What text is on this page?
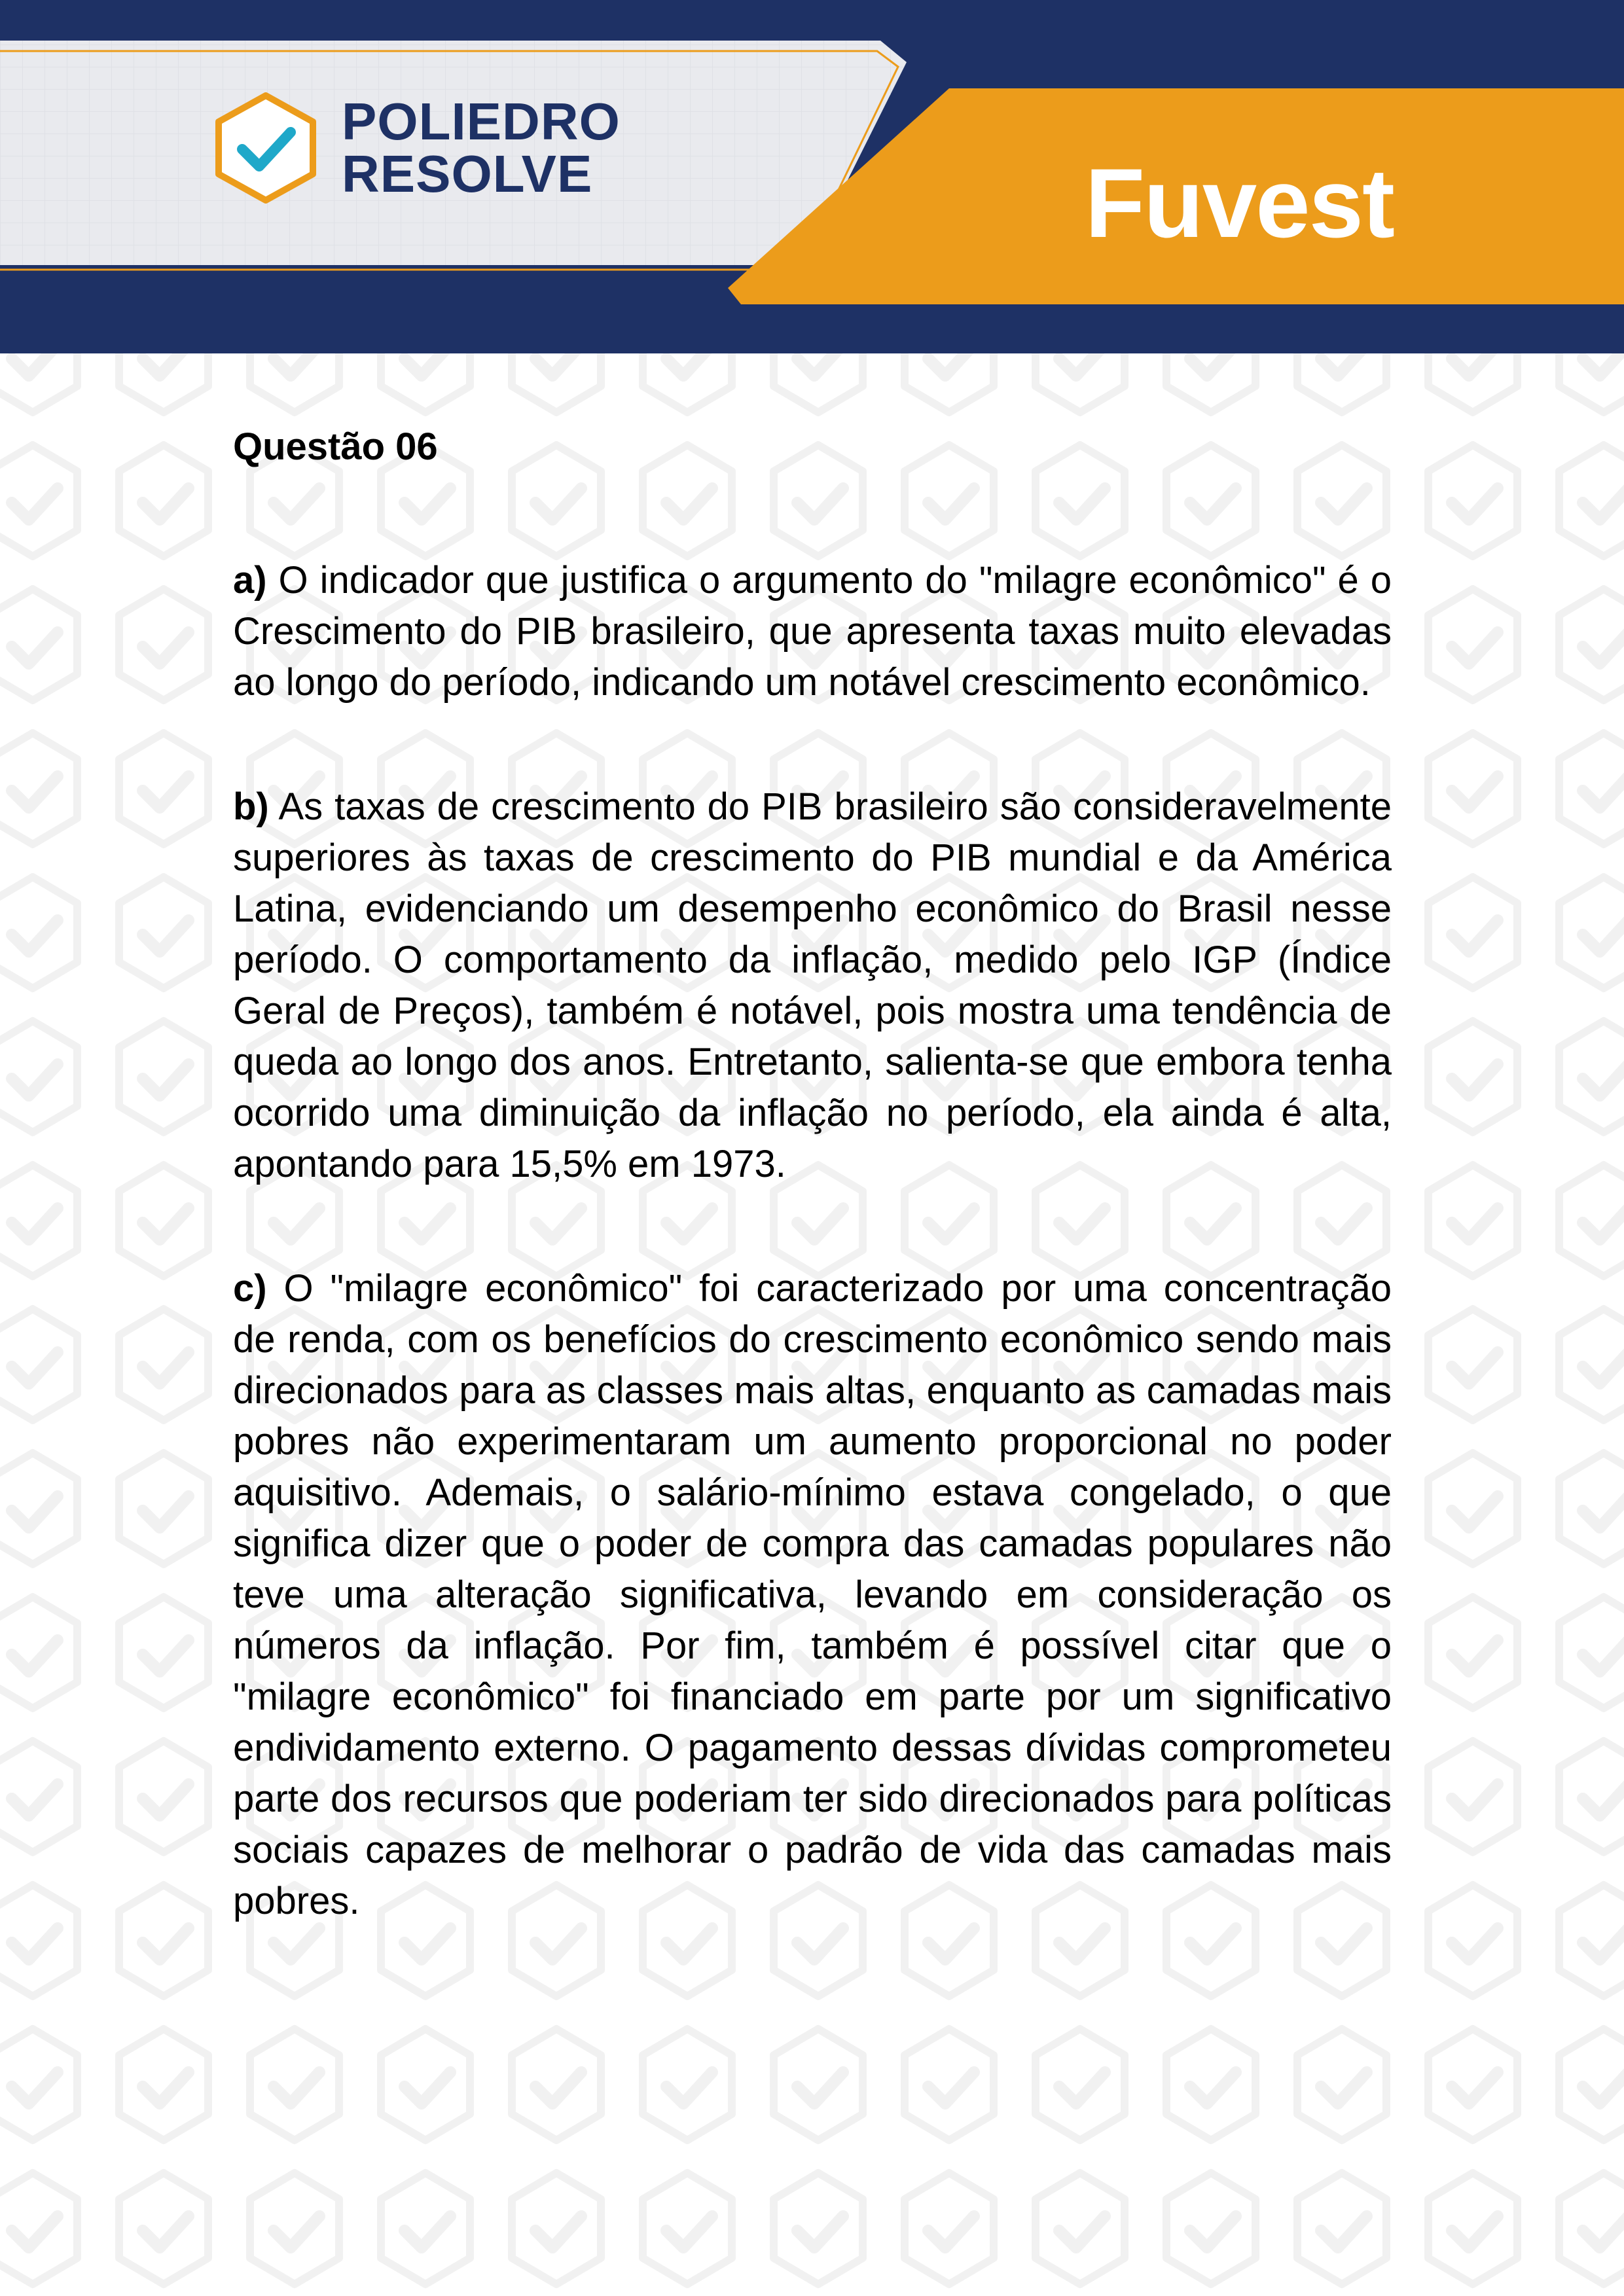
POLIEDRO
RESOLVE	Fuvest
Questão 06

a) O indicador que justifica o argumento do "milagre econômico" é o Crescimento do PIB brasileiro, que apresenta taxas muito elevadas ao longo do período, indicando um notável crescimento econômico.

b) As taxas de crescimento do PIB brasileiro são consideravelmente superiores às taxas de crescimento do PIB mundial e da América Latina, evidenciando um desempenho econômico do Brasil nesse período. O comportamento da inflação, medido pelo IGP (Índice Geral de Preços), também é notável, pois mostra uma tendência de queda ao longo dos anos. Entretanto, salienta-se que embora tenha ocorrido uma diminuição da inflação no período, ela ainda é alta, apontando para 15,5% em 1973.

c) O "milagre econômico" foi caracterizado por uma concentração de renda, com os benefícios do crescimento econômico sendo mais direcionados para as classes mais altas, enquanto as camadas mais pobres não experimentaram um aumento proporcional no poder aquisitivo. Ademais, o salário-mínimo estava congelado, o que significa dizer que o poder de compra das camadas populares não teve uma alteração significativa, levando em consideração os números da inflação. Por fim, também é possível citar que o "milagre econômico" foi financiado em parte por um significativo endividamento externo. O pagamento dessas dívidas comprometeu parte dos recursos que poderiam ter sido direcionados para políticas sociais capazes de melhorar o padrão de vida das camadas mais pobres.
